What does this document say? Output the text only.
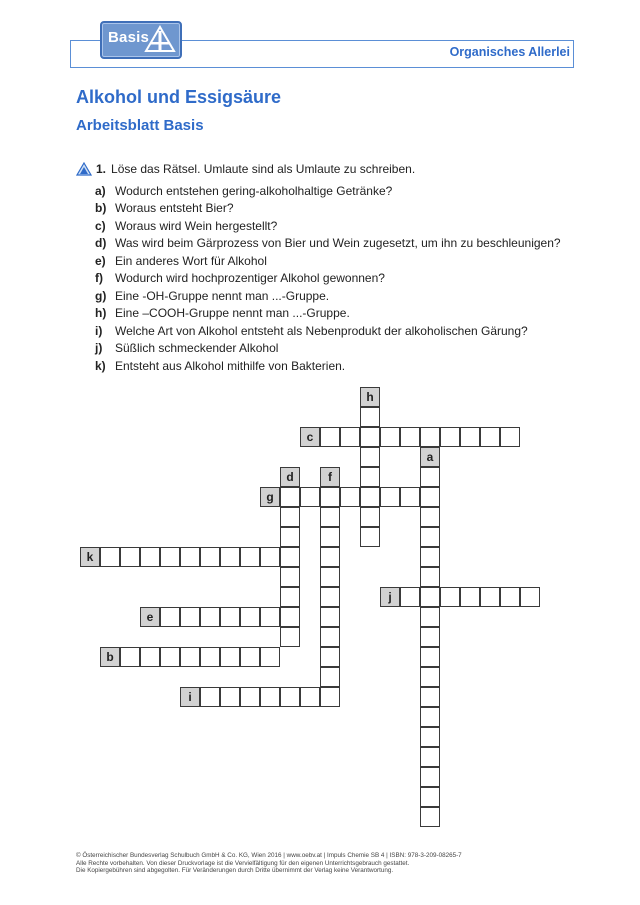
Basis
Organisches Allerlei
Alkohol und Essigsäure
Arbeitsblatt Basis
1. Löse das Rätsel. Umlaute sind als Umlaute zu schreiben.
a) Wodurch entstehen gering-alkoholhaltige Getränke?
b) Woraus entsteht Bier?
c) Woraus wird Wein hergestellt?
d) Was wird beim Gärprozess von Bier und Wein zugesetzt, um ihn zu beschleunigen?
e) Ein anderes Wort für Alkohol
f)	Wodurch wird hochprozentiger Alkohol gewonnen?
g) Eine -OH-Gruppe nennt man ...-Gruppe.
h) Eine –COOH-Gruppe nennt man ...-Gruppe.
i)	Welche Art von Alkohol entsteht als Nebenprodukt der alkoholischen Gärung?
j)	Süßlich schmeckender Alkohol
k) Entsteht aus Alkohol mithilfe von Bakterien.
h
c
a
d	f
g
k
j
e
b
i
© Österreichischer Bundesverlag Schulbuch GmbH & Co. KG, Wien 2016 | www.oebv.at | Impuls Chemie SB 4 | ISBN: 978-3-209-08265-7
Alle Rechte vorbehalten. Von dieser Druckvorlage ist die Vervielfältigung für den eigenen Unterrichtsgebrauch gestattet.
Die Kopiergebühren sind abgegolten. Für Veränderungen durch Dritte übernimmt der Verlag keine Verantwortung.
